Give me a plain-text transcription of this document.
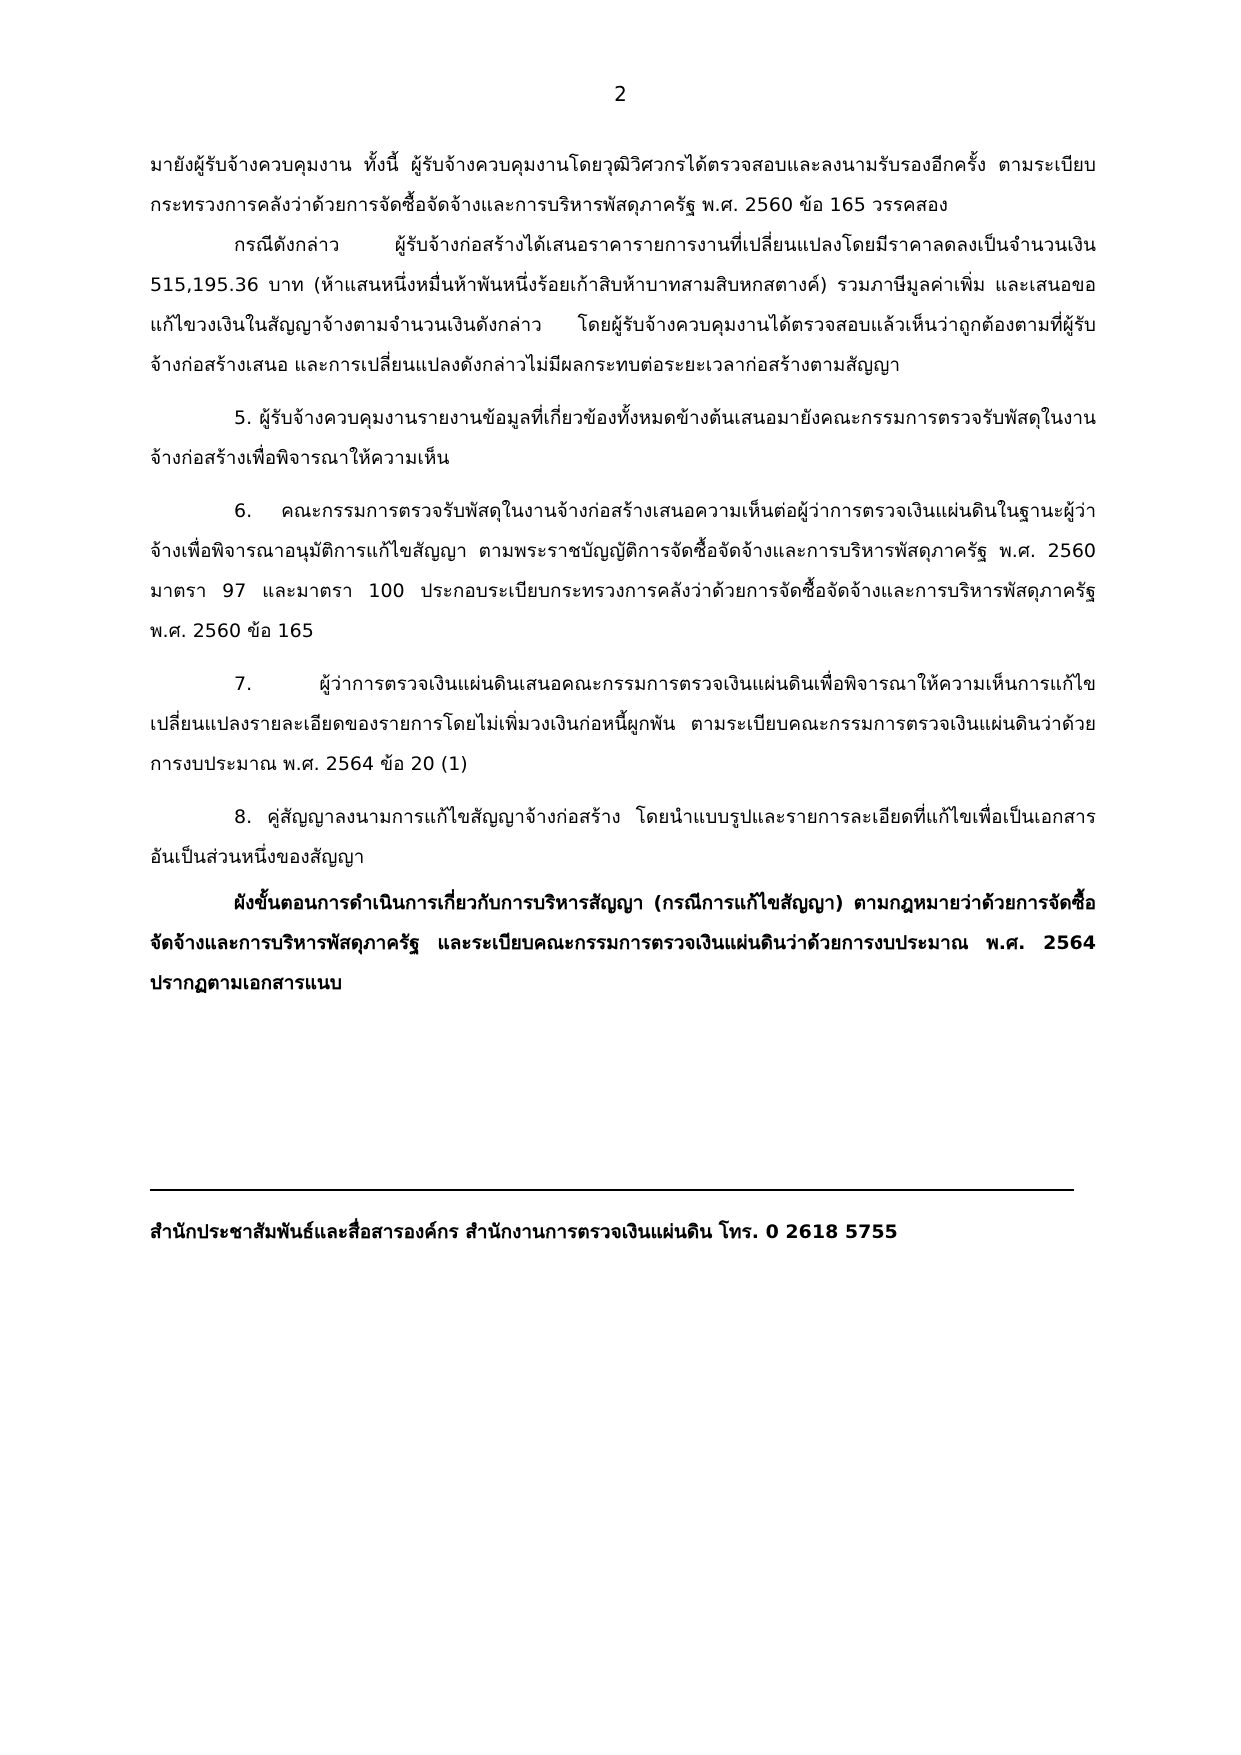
2

มายังผู้รับจ้างควบคุมงาน ทั้งนี้ ผู้รับจ้างควบคุมงานโดยวุฒิวิศวกรได้ตรวจสอบและลงนามรับรองอีกครั้ง ตามระเบียบกระทรวงการคลังว่าด้วยการจัดซื้อจัดจ้างและการบริหารพัสดุภาครัฐ พ.ศ. 2560 ข้อ 165 วรรคสอง

กรณีดังกล่าว ผู้รับจ้างก่อสร้างได้เสนอราคารายการงานที่เปลี่ยนแปลงโดยมีราคาลดลงเป็นจำนวนเงิน 515,195.36 บาท (ห้าแสนหนึ่งหมื่นห้าพันหนึ่งร้อยเก้าสิบห้าบาทสามสิบหกสตางค์) รวมภาษีมูลค่าเพิ่ม และเสนอขอแก้ไขวงเงินในสัญญาจ้างตามจำนวนเงินดังกล่าว โดยผู้รับจ้างควบคุมงานได้ตรวจสอบแล้วเห็นว่าถูกต้องตามที่ผู้รับจ้างก่อสร้างเสนอ และการเปลี่ยนแปลงดังกล่าวไม่มีผลกระทบต่อระยะเวลาก่อสร้างตามสัญญา

5. ผู้รับจ้างควบคุมงานรายงานข้อมูลที่เกี่ยวข้องทั้งหมดข้างต้นเสนอมายังคณะกรรมการตรวจรับพัสดุในงานจ้างก่อสร้างเพื่อพิจารณาให้ความเห็น

6. คณะกรรมการตรวจรับพัสดุในงานจ้างก่อสร้างเสนอความเห็นต่อผู้ว่าการตรวจเงินแผ่นดินในฐานะผู้ว่าจ้างเพื่อพิจารณาอนุมัติการแก้ไขสัญญา ตามพระราชบัญญัติการจัดซื้อจัดจ้างและการบริหารพัสดุภาครัฐ พ.ศ. 2560 มาตรา 97 และมาตรา 100 ประกอบระเบียบกระทรวงการคลังว่าด้วยการจัดซื้อจัดจ้างและการบริหารพัสดุภาครัฐ พ.ศ. 2560 ข้อ 165

7. ผู้ว่าการตรวจเงินแผ่นดินเสนอคณะกรรมการตรวจเงินแผ่นดินเพื่อพิจารณาให้ความเห็นการแก้ไขเปลี่ยนแปลงรายละเอียดของรายการโดยไม่เพิ่มวงเงินก่อหนี้ผูกพัน ตามระเบียบคณะกรรมการตรวจเงินแผ่นดินว่าด้วยการงบประมาณ พ.ศ. 2564 ข้อ 20 (1)

8. คู่สัญญาลงนามการแก้ไขสัญญาจ้างก่อสร้าง โดยนำแบบรูปและรายการละเอียดที่แก้ไขเพื่อเป็นเอกสารอันเป็นส่วนหนึ่งของสัญญา

ผังขั้นตอนการดำเนินการเกี่ยวกับการบริหารสัญญา (กรณีการแก้ไขสัญญา) ตามกฎหมายว่าด้วยการจัดซื้อจัดจ้างและการบริหารพัสดุภาครัฐ และระเบียบคณะกรรมการตรวจเงินแผ่นดินว่าด้วยการงบประมาณ พ.ศ. 2564 ปรากฏตามเอกสารแนบ

สำนักประชาสัมพันธ์และสื่อสารองค์กร สำนักงานการตรวจเงินแผ่นดิน โทร. 0 2618 5755
